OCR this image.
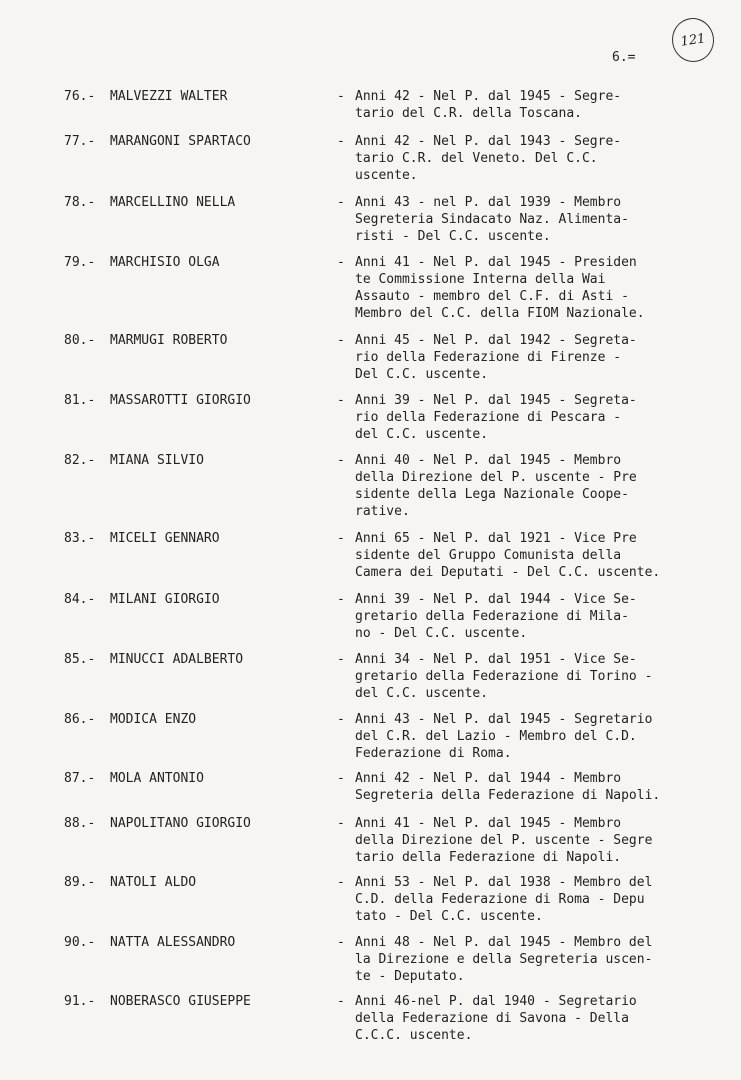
121
6.=
76.- MALVEZZI WALTER	- Anni 42 - Nel P. dal 1945 - Segre-
tario del C.R. della Toscana.
77.- MARANGONI SPARTACO	- Anni 42 - Nel P. dal 1943 - Segre-
tario C.R. del Veneto. Del C.C.
uscente.
78.- MARCELLINO NELLA	- Anni 43 - nel P. dal 1939 - Membro
Segreteria Sindacato Naz. Alimenta-
risti - Del C.C. uscente.
79.- MARCHISIO OLGA	- Anni 41 - Nel P. dal 1945 - Presiden
te Commissione Interna della Wai
Assauto - membro del C.F. di Asti -
Membro del C.C. della FIOM Nazionale.
80.- MARMUGI ROBERTO	- Anni 45 - Nel P. dal 1942 - Segreta-
rio della Federazione di Firenze -
Del C.C. uscente.
81.- MASSAROTTI GIORGIO	- Anni 39 - Nel P. dal 1945 - Segreta-
rio della Federazione di Pescara -
del C.C. uscente.
82.- MIANA SILVIO	- Anni 40 - Nel P. dal 1945 - Membro
della Direzione del P. uscente - Pre
sidente della Lega Nazionale Coope-
rative.
83.- MICELI GENNARO	- Anni 65 - Nel P. dal 1921 - Vice Pre
sidente del Gruppo Comunista della
Camera dei Deputati - Del C.C. uscente.
84.- MILANI GIORGIO	- Anni 39 - Nel P. dal 1944 - Vice Se-
gretario della Federazione di Mila-
no - Del C.C. uscente.
85.- MINUCCI ADALBERTO	- Anni 34 - Nel P. dal 1951 - Vice Se-
gretario della Federazione di Torino -
del C.C. uscente.
86.- MODICA ENZO	- Anni 43 - Nel P. dal 1945 - Segretario
del C.R. del Lazio - Membro del C.D.
Federazione di Roma.
87.- MOLA ANTONIO	- Anni 42 - Nel P. dal 1944 - Membro
Segreteria della Federazione di Napoli.
88.- NAPOLITANO GIORGIO	- Anni 41 - Nel P. dal 1945 - Membro
della Direzione del P. uscente - Segre
tario della Federazione di Napoli.
89.- NATOLI ALDO	- Anni 53 - Nel P. dal 1938 - Membro del
C.D. della Federazione di Roma - Depu
tato - Del C.C. uscente.
90.- NATTA ALESSANDRO	- Anni 48 - Nel P. dal 1945 - Membro del
la Direzione e della Segreteria uscen-
te - Deputato.
91.- NOBERASCO GIUSEPPE	- Anni 46-nel P. dal 1940 - Segretario
della Federazione di Savona - Della
C.C.C. uscente.
